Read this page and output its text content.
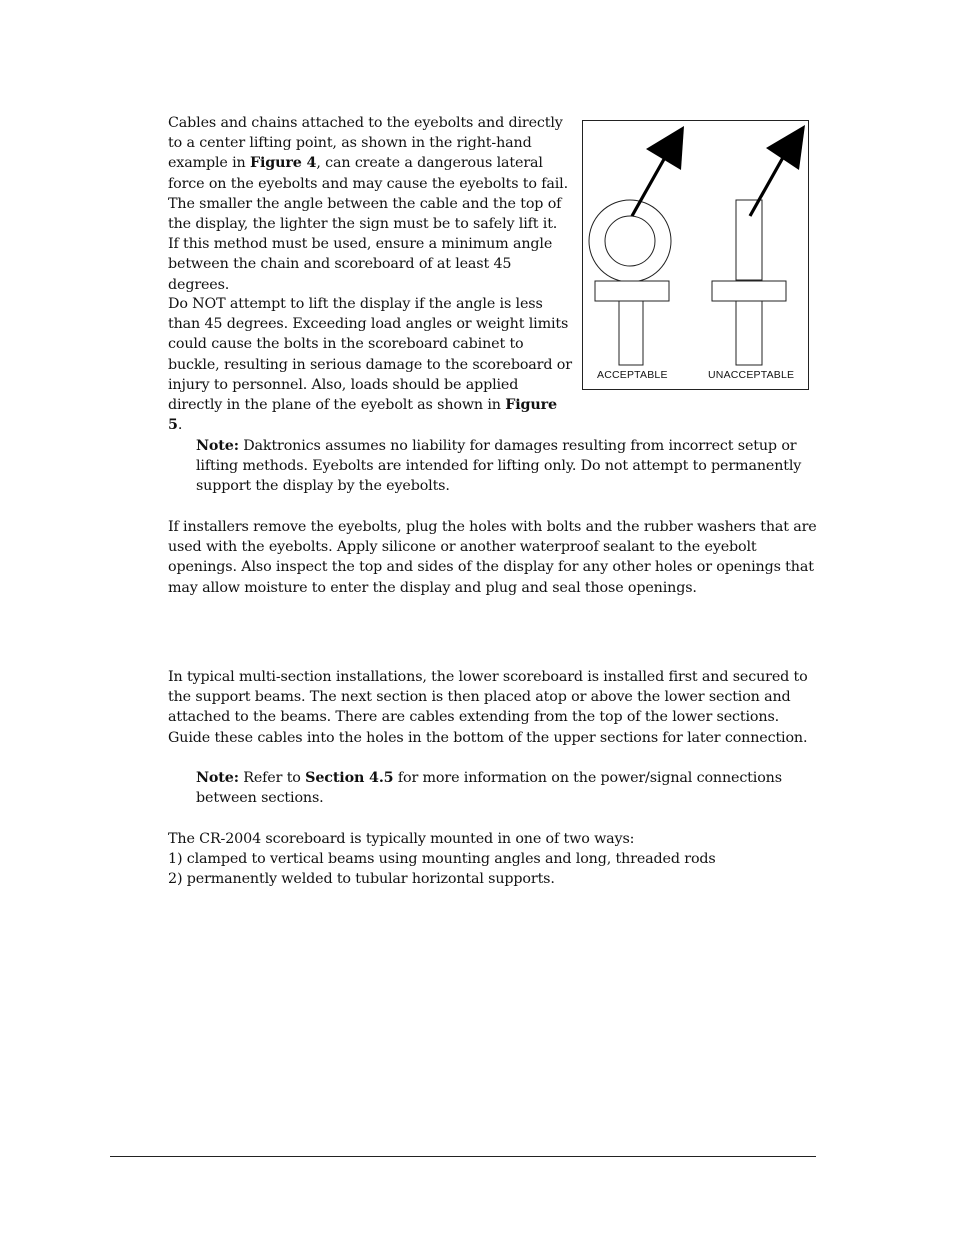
Cables and chains attached to the eyebolts and directly to a center lifting point, as shown in the right-hand example in Figure 4, can create a dangerous lateral force on the eyebolts and may cause the eyebolts to fail. The smaller the angle between the cable and the top of the display, the lighter the sign must be to safely lift it. If this method must be used, ensure a minimum angle between the chain and scoreboard of at least 45 degrees.

Do NOT attempt to lift the display if the angle is less than 45 degrees. Exceeding load angles or weight limits could cause the bolts in the scoreboard cabinet to buckle, resulting in serious damage to the scoreboard or injury to personnel. Also, loads should be applied directly in the plane of the eyebolt as shown in Figure 5.

ACCEPTABLE	UNACCEPTABLE

Note: Daktronics assumes no liability for damages resulting from incorrect setup or lifting methods. Eyebolts are intended for lifting only. Do not attempt to permanently support the display by the eyebolts.

If installers remove the eyebolts, plug the holes with bolts and the rubber washers that are used with the eyebolts. Apply silicone or another waterproof sealant to the eyebolt openings. Also inspect the top and sides of the display for any other holes or openings that may allow moisture to enter the display and plug and seal those openings.

In typical multi-section installations, the lower scoreboard is installed first and secured to the support beams. The next section is then placed atop or above the lower section and attached to the beams. There are cables extending from the top of the lower sections. Guide these cables into the holes in the bottom of the upper sections for later connection.

Note: Refer to Section 4.5 for more information on the power/signal connections between sections.

The CR-2004 scoreboard is typically mounted in one of two ways:
1) clamped to vertical beams using mounting angles and long, threaded rods
2) permanently welded to tubular horizontal supports.
